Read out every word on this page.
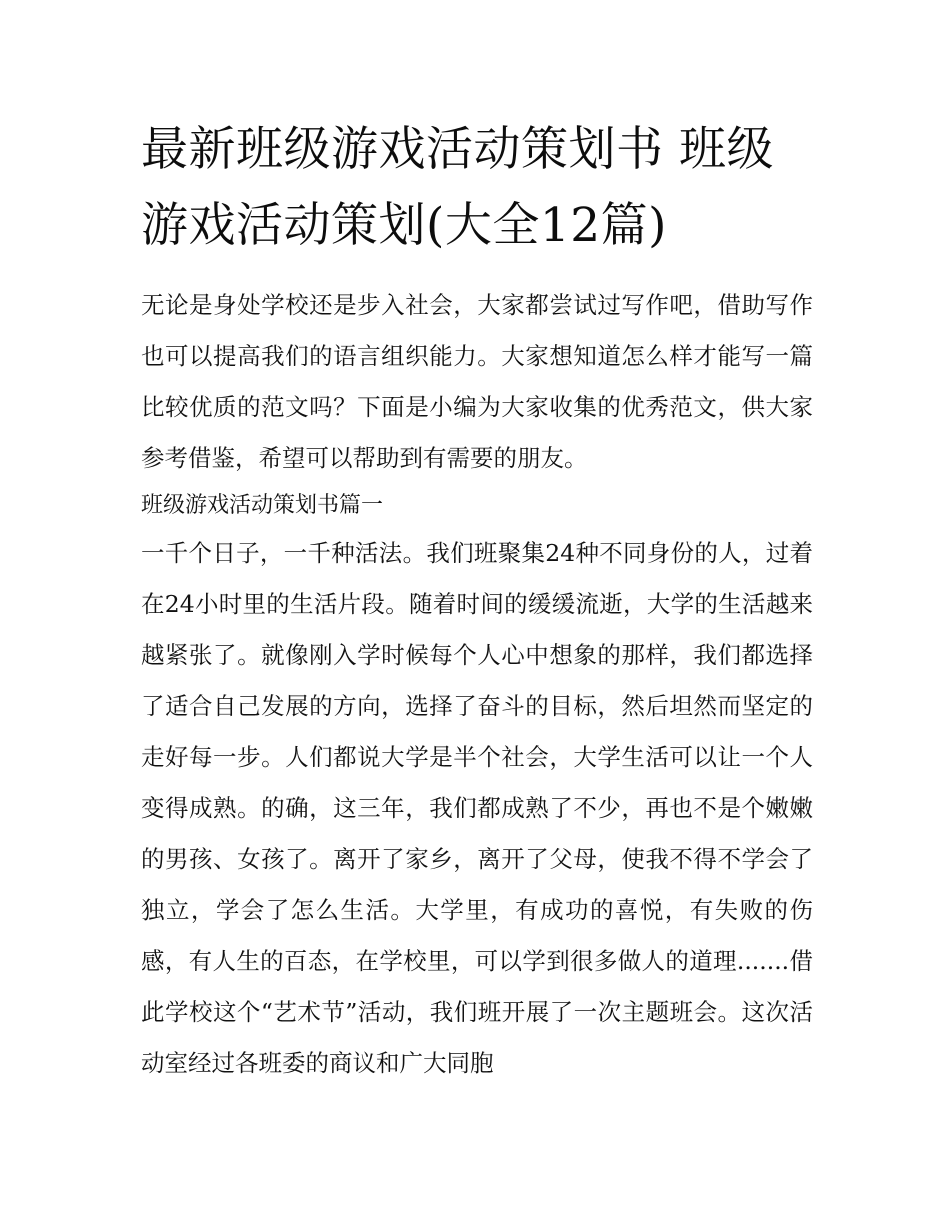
最新班级游戏活动策划书 班级游戏活动策划(大全12篇)

无论是身处学校还是步入社会，大家都尝试过写作吧，借助写作也可以提高我们的语言组织能力。大家想知道怎么样才能写一篇比较优质的范文吗？下面是小编为大家收集的优秀范文，供大家参考借鉴，希望可以帮助到有需要的朋友。

班级游戏活动策划书篇一

一千个日子，一千种活法。我们班聚集24种不同身份的人，过着在24小时里的生活片段。随着时间的缓缓流逝，大学的生活越来越紧张了。就像刚入学时候每个人心中想象的那样，我们都选择了适合自己发展的方向，选择了奋斗的目标，然后坦然而坚定的走好每一步。人们都说大学是半个社会，大学生活可以让一个人变得成熟。的确，这三年，我们都成熟了不少，再也不是个嫩嫩的男孩、女孩了。离开了家乡，离开了父母，使我不得不学会了独立，学会了怎么生活。大学里，有成功的喜悦，有失败的伤感，有人生的百态，在学校里，可以学到很多做人的道理.......借此学校这个“艺术节”活动，我们班开展了一次主题班会。这次活动室经过各班委的商议和广大同胞
